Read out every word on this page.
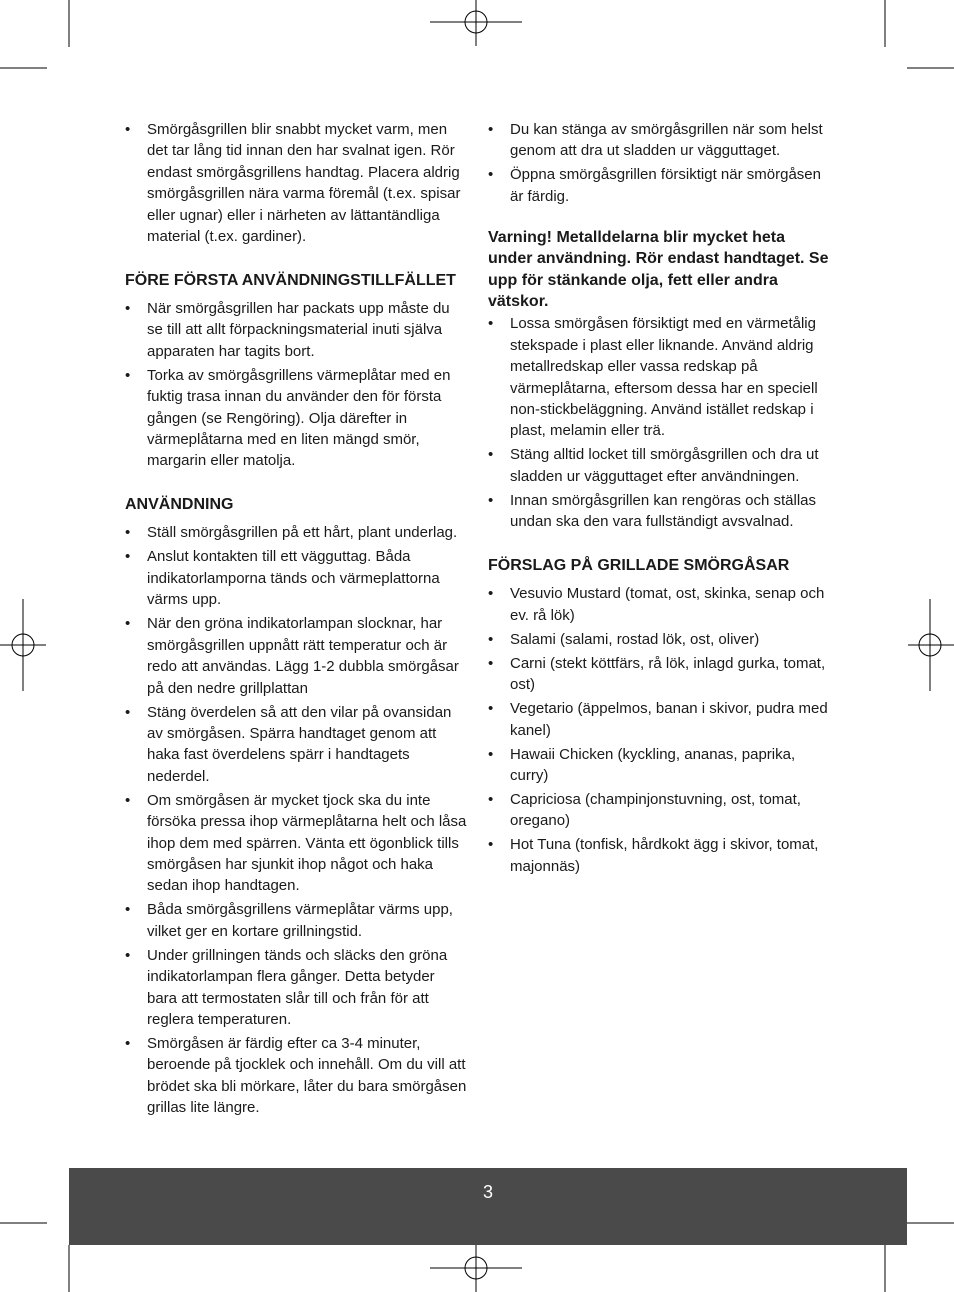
•	Smörgåsgrillen blir snabbt mycket varm, men det tar lång tid innan den har svalnat igen. Rör endast smörgåsgrillens handtag. Placera aldrig smörgåsgrillen nära varma föremål (t.ex. spisar eller ugnar) eller i närheten av lättantändliga material (t.ex. gardiner).
FÖRE FÖRSTA ANVÄNDNINGSTILLFÄLLET
•	När smörgåsgrillen har packats upp måste du se till att allt förpackningsmaterial inuti själva apparaten har tagits bort.
•	Torka av smörgåsgrillens värmeplåtar med en fuktig trasa innan du använder den för första gången (se Rengöring). Olja därefter in värmeplåtarna med en liten mängd smör, margarin eller matolja.
ANVÄNDNING
•	Ställ smörgåsgrillen på ett hårt, plant underlag.
•	Anslut kontakten till ett vägguttag. Båda indikatorlamporna tänds och värmeplattorna värms upp.
•	När den gröna indikatorlampan slocknar, har smörgåsgrillen uppnått rätt temperatur och är redo att användas. Lägg 1-2 dubbla smörgåsar på den nedre grillplattan
•	Stäng överdelen så att den vilar på ovansidan av smörgåsen. Spärra handtaget genom att haka fast överdelens spärr i handtagets nederdel.
•	Om smörgåsen är mycket tjock ska du inte försöka pressa ihop värmeplåtarna helt och låsa ihop dem med spärren. Vänta ett ögonblick tills smörgåsen har sjunkit ihop något och haka sedan ihop handtagen.
•	Båda smörgåsgrillens värmeplåtar värms upp, vilket ger en kortare grillningstid.
•	Under grillningen tänds och släcks den gröna indikatorlampan flera gånger. Detta betyder bara att termostaten slår till och från för att reglera temperaturen.
•	Smörgåsen är färdig efter ca 3-4 minuter, beroende på tjocklek och innehåll. Om du vill att brödet ska bli mörkare, låter du bara smörgåsen grillas lite längre.
•	Du kan stänga av smörgåsgrillen när som helst genom att dra ut sladden ur vägguttaget.
•	Öppna smörgåsgrillen försiktigt när smörgåsen är färdig.

Varning! Metalldelarna blir mycket heta under användning. Rör endast handtaget. Se upp för stänkande olja, fett eller andra vätskor.

•	Lossa smörgåsen försiktigt med en värmetålig stekspade i plast eller liknande. Använd aldrig metallredskap eller vassa redskap på värmeplåtarna, eftersom dessa har en speciell non-stickbeläggning. Använd istället redskap i plast, melamin eller trä.
•	Stäng alltid locket till smörgåsgrillen och dra ut sladden ur vägguttaget efter användningen.
•	Innan smörgåsgrillen kan rengöras och ställas undan ska den vara fullständigt avsvalnad.
FÖRSLAG PÅ GRILLADE SMÖRGÅSAR
•	Vesuvio Mustard (tomat, ost, skinka, senap och ev. rå lök)
•	Salami (salami, rostad lök, ost, oliver)
•	Carni (stekt köttfärs, rå lök, inlagd gurka, tomat, ost)
•	Vegetario (äppelmos, banan i skivor, pudra med kanel)
•	Hawaii Chicken (kyckling, ananas, paprika, curry)
•	Capriciosa (champinjonstuvning, ost, tomat, oregano)
•	Hot Tuna (tonfisk, hårdkokt ägg i skivor, tomat, majonnäs)
3
